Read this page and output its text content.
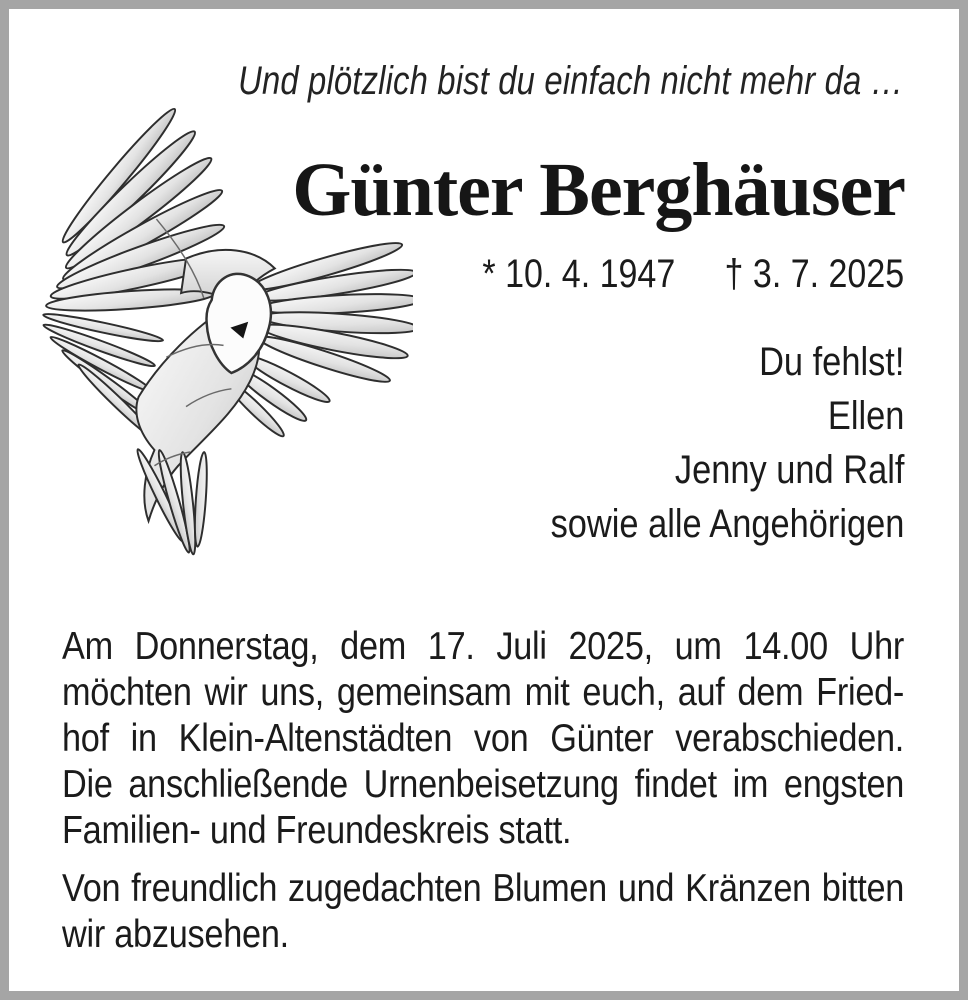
Und plötzlich bist du einfach nicht mehr da …
Günter Berghäuser
* 10. 4. 1947 † 3. 7. 2025
Du fehlst!
Ellen
Jenny und Ralf
sowie alle Angehörigen
Am Donnerstag, dem 17. Juli 2025, um 14.00 Uhr
möchten wir uns, gemeinsam mit euch, auf dem Fried-
hof in Klein-Altenstädten von Günter verabschieden.
Die anschließende Urnenbeisetzung findet im engsten
Familien- und Freundeskreis statt.
Von freundlich zugedachten Blumen und Kränzen bitten
wir abzusehen.
